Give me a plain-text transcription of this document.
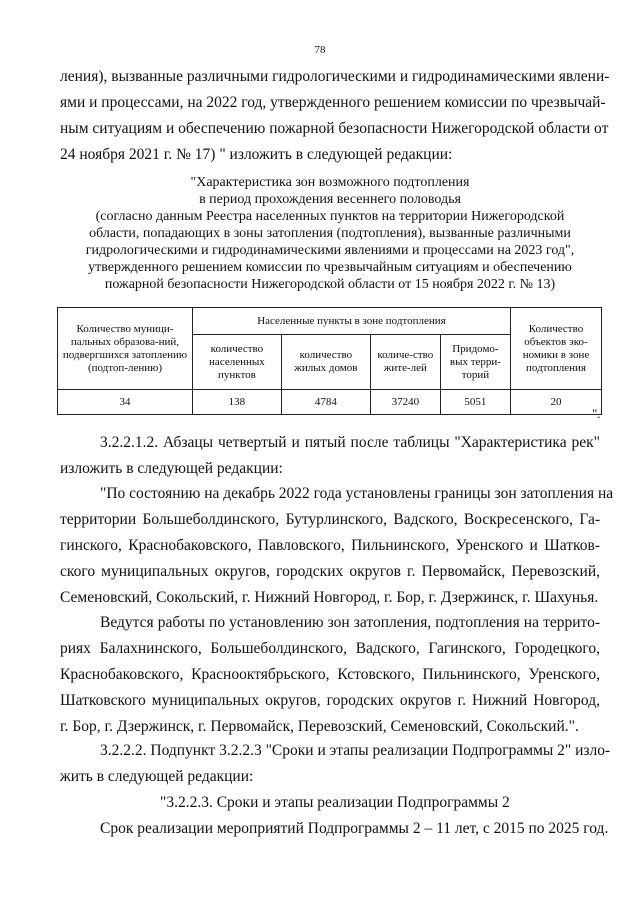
78
ления), вызванные различными гидрологическими и гидродинамическими явлени-
ями и процессами, на 2022 год, утвержденного решением комиссии по чрезвычай-
ным ситуациям и обеспечению пожарной безопасности Нижегородской области от
24 ноября 2021 г. № 17) " изложить в следующей редакции:
"Характеристика зон возможного подтопления
в период прохождения весеннего половодья
(согласно данным Реестра населенных пунктов на территории Нижегородской
области, попадающих в зоны затопления (подтопления), вызванные различными
гидрологическими и гидродинамическими явлениями и процессами на 2023 год",
утвержденного решением комиссии по чрезвычайным ситуациям и обеспечению
пожарной безопасности Нижегородской области от 15 ноября 2022 г. № 13)
Количество муници-пальных образова-ний, подвергшихся затоплению (подтоп-лению)	Населенные пункты в зоне подтопления				Количество объектов эко-номики в зоне подтопления
	количество населенных пунктов	количество жилых домов	количе-ство жите-лей	Придомо-вых терри-торий	
34	138	4784	37240	5051	20
".
3.2.2.1.2. Абзацы четвертый и пятый после таблицы "Характеристика рек"
изложить в следующей редакции:
"По состоянию на декабрь 2022 года установлены границы зон затопления на
территории Большеболдинского, Бутурлинского, Вадского, Воскресенского, Га-
гинского, Краснобаковского, Павловского, Пильнинского, Уренского и Шатков-
ского муниципальных округов, городских округов г. Первомайск, Перевозский,
Семеновский, Сокольский, г. Нижний Новгород, г. Бор, г. Дзержинск, г. Шахунья.
Ведутся работы по установлению зон затопления, подтопления на террито-
риях Балахнинского, Большеболдинского, Вадского, Гагинского, Городецкого,
Краснобаковского, Краснооктябрьского, Кстовского, Пильнинского, Уренского,
Шатковского муниципальных округов, городских округов г. Нижний Новгород,
г. Бор, г. Дзержинск, г. Первомайск, Перевозский, Семеновский, Сокольский.".
3.2.2.2. Подпункт 3.2.2.3 "Сроки и этапы реализации Подпрограммы 2" изло-
жить в следующей редакции:
"3.2.2.3. Сроки и этапы реализации Подпрограммы 2
Срок реализации мероприятий Подпрограммы 2 – 11 лет, с 2015 по 2025 год.
